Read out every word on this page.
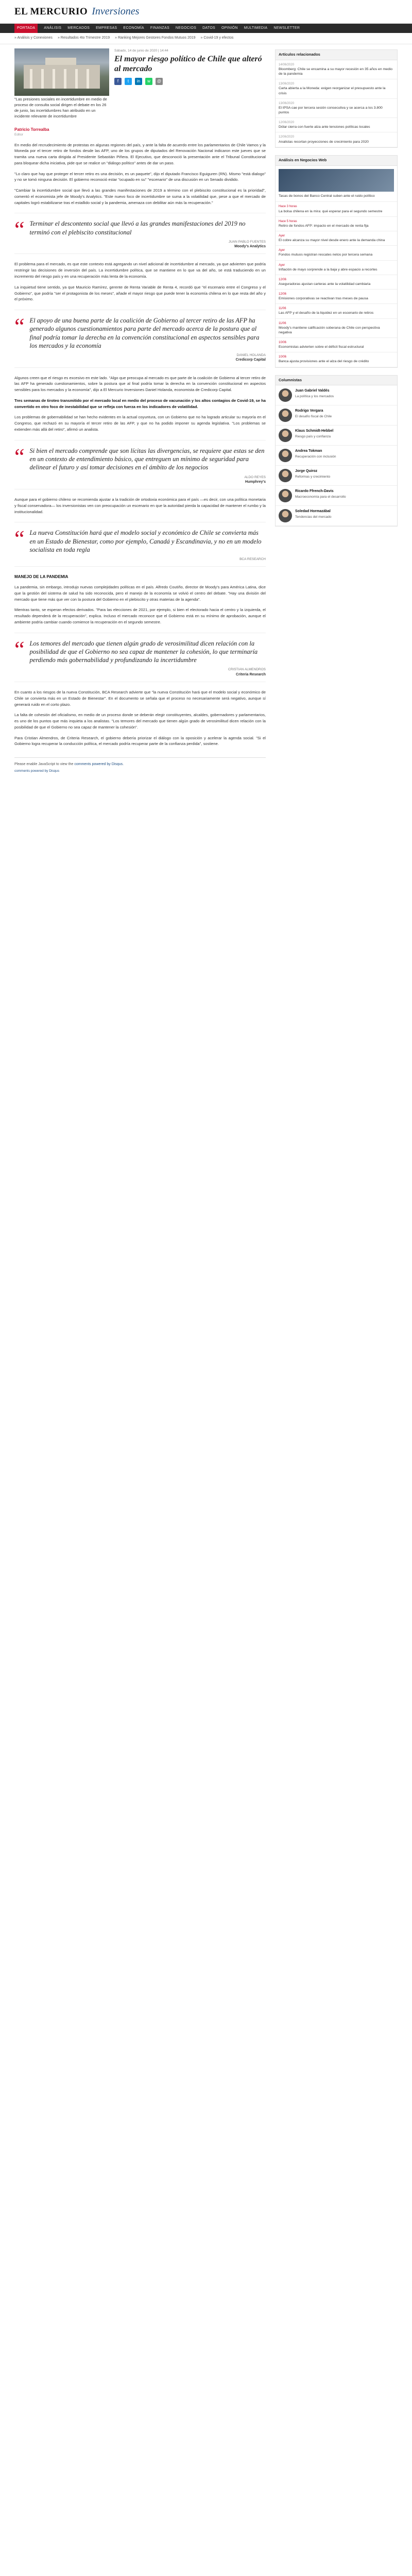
EL MERCURIO Inversiones
PORTADA	ANÁLISIS MERCADOS EMPRESAS ECONOMÍA FINANZAS NEGOCIOS DATOS OPINIÓN MULTIMEDIA NEWSLETTER
» Análisis y Conexiones » Resultados 4to Trimestre 2019 » Ranking Mejores Gestores Fondos Mutuos 2019 » Covid-19 y efectos
"Las presiones sociales en incertidumbre en medio de proceso de consulta social dirigen el debate en los 26 de junio, las incertidumbres han atribuido en un incidente relevante de incertidumbre
Sábado, 14 de junio de 2020 | 14:44
El mayor riesgo político de Chile que alteró al mercado
f	t	in	w	@
Patricio Torrealba
Editor

En medio del recrudecimiento de protestas en algunas regiones del país, y ante la falta de acuerdo entre los parlamentarios de Chile Vamos y la Moneda por el tercer retiro de fondos desde las AFP, uno de los grupos de diputados del Renovación Nacional indicaron este jueves que se tramita una nueva carta dirigida al Presidente Sebastián Piñera. El Ejecutivo, que desconoció la presentación ante el Tribunal Constitucional para bloquear dicha iniciativa, pide que se realice un "diálogo político" antes de dar un paso.

"Lo claro que hay que proteger el tercer retiro es una decisión, es un paquete", dijo el diputado Francisco Eguiguren (RN). Mismo "está dialogo" y no se tomó ninguna decisión. El gobierno reconoció estar "ocupado en su" "escenario" de una discusión en un Senado dividido.

"Cambiar la incertidumbre social que llevó a las grandes manifestaciones de 2019 a término con el plebiscito constitucional es la prioridad", comentó el economista jefe de Moody's Analytics. "Este nuevo foco de incertidumbre se suma a la volatilidad que, pese a que el mercado de capitales logró estabilizarse tras el estallido social y la pandemia, amenaza con debilitar aún más la recuperación."

“ Terminar el descontento social que llevó a las grandes manifestaciones del 2019 no terminó con el plebiscito constitucional
JUAN PABLO FUENTES
Moody's Analytics

El problema para el mercado, es que este contexto está agregando un nivel adicional de incertidumbre al mercado, ya que advierten que podría restringir las decisiones de inversión del país. La incertidumbre política, que se mantiene en lo que va del año, se está traduciendo en un incremento del riesgo país y en una recuperación más lenta de la economía.

La inquietud tiene sentido, ya que Mauricio Ramírez, gerente de Renta Variable de Renta 4, recordó que "el escenario entre el Congreso y el Gobierno", que podría "ser el protagonista de los meses", añade el mayor riesgo que puede tener la economía chilena en lo que resta del año y el próximo.

“ El apoyo de una buena parte de la coalición de Gobierno al tercer retiro de las AFP ha generado algunos cuestionamientos para parte del mercado acerca de la postura que al final podría tomar la derecha en la convención constitucional en aspectos sensibles para los mercados y la economía
DANIEL HOLANDA
Credicorp Capital

Algunos creen que el riesgo es excesivo en este lado. "Algo que preocupa al mercado es que parte de la coalición de Gobierno al tercer retiro de las AFP ha generado cuestionamientos, sobre la postura que al final podría tomar la derecha en la convención constitucional en aspectos sensibles para los mercados y la economía", dijo a El Mercurio Inversiones Daniel Holanda, economista de Credicorp Capital.

Tres semanas de tiroteo transmitido por el mercado local en medio del proceso de vacunación y los altos contagios de Covid-19, se ha convertido en otro foco de inestabilidad que se refleja con fuerza en los indicadores de volatilidad.

Los problemas de gobernabilidad se han hecho evidentes en la actual coyuntura, con un Gobierno que no ha logrado articular su mayoría en el Congreso, que rechazó en su mayoría el tercer retiro de las AFP, y que no ha podido imponer su agenda legislativa. "Los problemas se extienden más allá del retiro", afirmó un analista.

“ Si bien el mercado comprende que son lícitas las divergencias, se requiere que estas se den en un contexto de entendimiento básico, que entreguen un mínimo de seguridad para delinear el futuro y así tomar decisiones en el ámbito de los negocios
ALDO REYES
Humphrey's

Aunque para el gobierno chileno se recomienda ajustar a la tradición de ortodoxia económica para el país —es decir, con una política monetaria y fiscal conservadora— los inversionistas ven con preocupación un escenario en que la autoridad pierda la capacidad de mantener el rumbo y la institucionalidad.

“ La nueva Constitución hará que el modelo social y económico de Chile se convierta más en un Estado de Bienestar, como por ejemplo, Canadá y Escandinavia, y no en un modelo socialista en toda regla
BCA RESEARCH
MANEJO DE LA PANDEMIA

La pandemia, sin embargo, introdujo nuevas complejidades políticas en el país. Alfredo Coutiño, director de Moody's para América Latina, dice que la gestión del sistema de salud ha sido reconocida, pero el manejo de la economía se volvió el centro del debate. "Hay una división del mercado que tiene más que ver con la postura del Gobierno en el plebiscito y otras materias de la agenda".

Mientras tanto, se esperan efectos derivados. "Para las elecciones de 2021, por ejemplo, si bien el electorado hacia el centro y la izquierda, el resultado dependerá de la recuperación", explica. Incluso el mercado reconoce que el Gobierno está en su mínimo de aprobación, aunque el ambiente podría cambiar cuando comience la recuperación en el segundo semestre.

“ Los temores del mercado que tienen algún grado de verosimilitud dicen relación con la posibilidad de que el Gobierno no sea capaz de mantener la cohesión, lo que terminaría perdiendo más gobernabilidad y profundizando la incertidumbre
CRISTIAN ALMENDROS
Criteria Research

En cuanto a los riesgos de la nueva Constitución, BCA Research advierte que "la nueva Constitución hará que el modelo social y económico de Chile se convierta más en un Estado de Bienestar". En el documento se señala que el proceso no necesariamente será negativo, aunque sí generará ruido en el corto plazo.

La falta de cohesión del oficialismo, en medio de un proceso donde se deberán elegir constituyentes, alcaldes, gobernadores y parlamentarios, es uno de los puntos que más inquieta a los analistas. "Los temores del mercado que tienen algún grado de verosimilitud dicen relación con la posibilidad de que el Gobierno no sea capaz de mantener la cohesión".

Para Cristian Almendros, de Criteria Research, el gobierno debería priorizar el diálogo con la oposición y acelerar la agenda social. "Si el Gobierno logra recuperar la conducción política, el mercado podría recuperar parte de la confianza perdida", sostiene.

Please enable JavaScript to view the comments powered by Disqus.
comments powered by Disqus
Artículos relacionados
14/06/2020
Bloomberg: Chile se encamina a su mayor recesión en 35 años en medio de la pandemia
13/06/2020
Carta abierta a la Moneda: exigen reorganizar el presupuesto ante la crisis
13/06/2020
El IPSA cae por tercera sesión consecutiva y se acerca a los 3.800 puntos
12/06/2020
Dólar cierra con fuerte alza ante tensiones políticas locales
12/06/2020
Analistas recortan proyecciones de crecimiento para 2020
Análisis en Negocios Web
Tasas de bonos del Banco Central suben ante el ruido político
Hace 3 horas
La bolsa chilena en la mira: qué esperar para el segundo semestre
Hace 5 horas
Retiro de fondos AFP: impacto en el mercado de renta fija
Ayer
El cobre alcanza su mayor nivel desde enero ante la demanda china
Ayer
Fondos mutuos registran rescates netos por tercera semana
Ayer
Inflación de mayo sorprende a la baja y abre espacio a recortes
12/06
Aseguradoras ajustan carteras ante la volatilidad cambiaria
12/06
Emisiones corporativas se reactivan tras meses de pausa
11/06
Las AFP y el desafío de la liquidez en un escenario de retiros
11/06
Moody's mantiene calificación soberana de Chile con perspectiva negativa
10/06
Economistas advierten sobre el déficit fiscal estructural
10/06
Banca ajusta provisiones ante el alza del riesgo de crédito
Columnistas
Juan Gabriel Valdés
La política y los mercados
Rodrigo Vergara
El desafío fiscal de Chile
Klaus Schmidt-Hebbel
Riesgo país y confianza
Andrea Tokman
Recuperación con inclusión
Jorge Quiroz
Reformas y crecimiento
Ricardo Ffrench-Davis
Macroeconomía para el desarrollo
Soledad Hormazábal
Tendencias del mercado
